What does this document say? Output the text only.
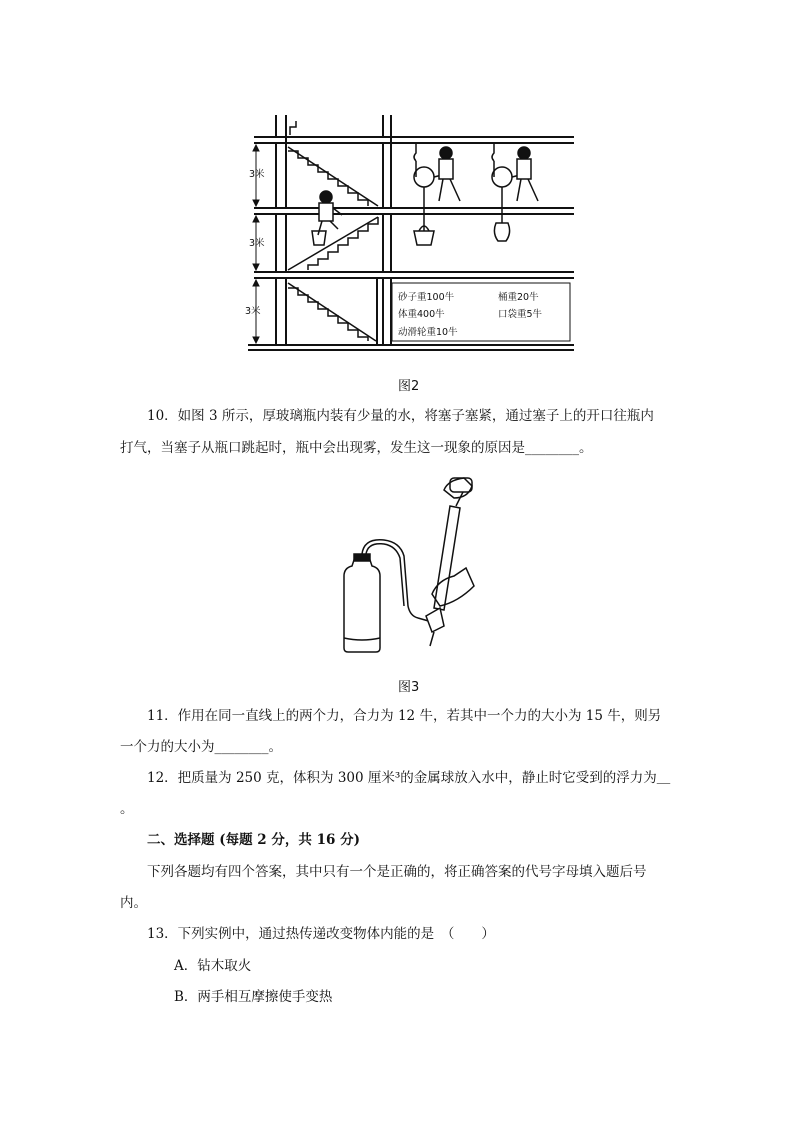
3米
3米
3米
砂子重100牛	桶重20牛
体重400牛	口袋重5牛
动滑轮重10牛
图2
10．如图 3 所示，厚玻璃瓶内装有少量的水，将塞子塞紧，通过塞子上的开口往瓶内
打气，当塞子从瓶口跳起时，瓶中会出现雾，发生这一现象的原因是________。
图3
11．作用在同一直线上的两个力，合力为 12 牛，若其中一个力的大小为 15 牛，则另
一个力的大小为________。
12．把质量为 250 克，体积为 300 厘米³的金属球放入水中，静止时它受到的浮力为＿
。
二、选择题 (每题 2 分，共 16 分)
下列各题均有四个答案，其中只有一个是正确的，将正确答案的代号字母填入题后号
内。
13．下列实例中，通过热传递改变物体内能的是　（　　）
A．钻木取火
B．两手相互摩擦使手变热
